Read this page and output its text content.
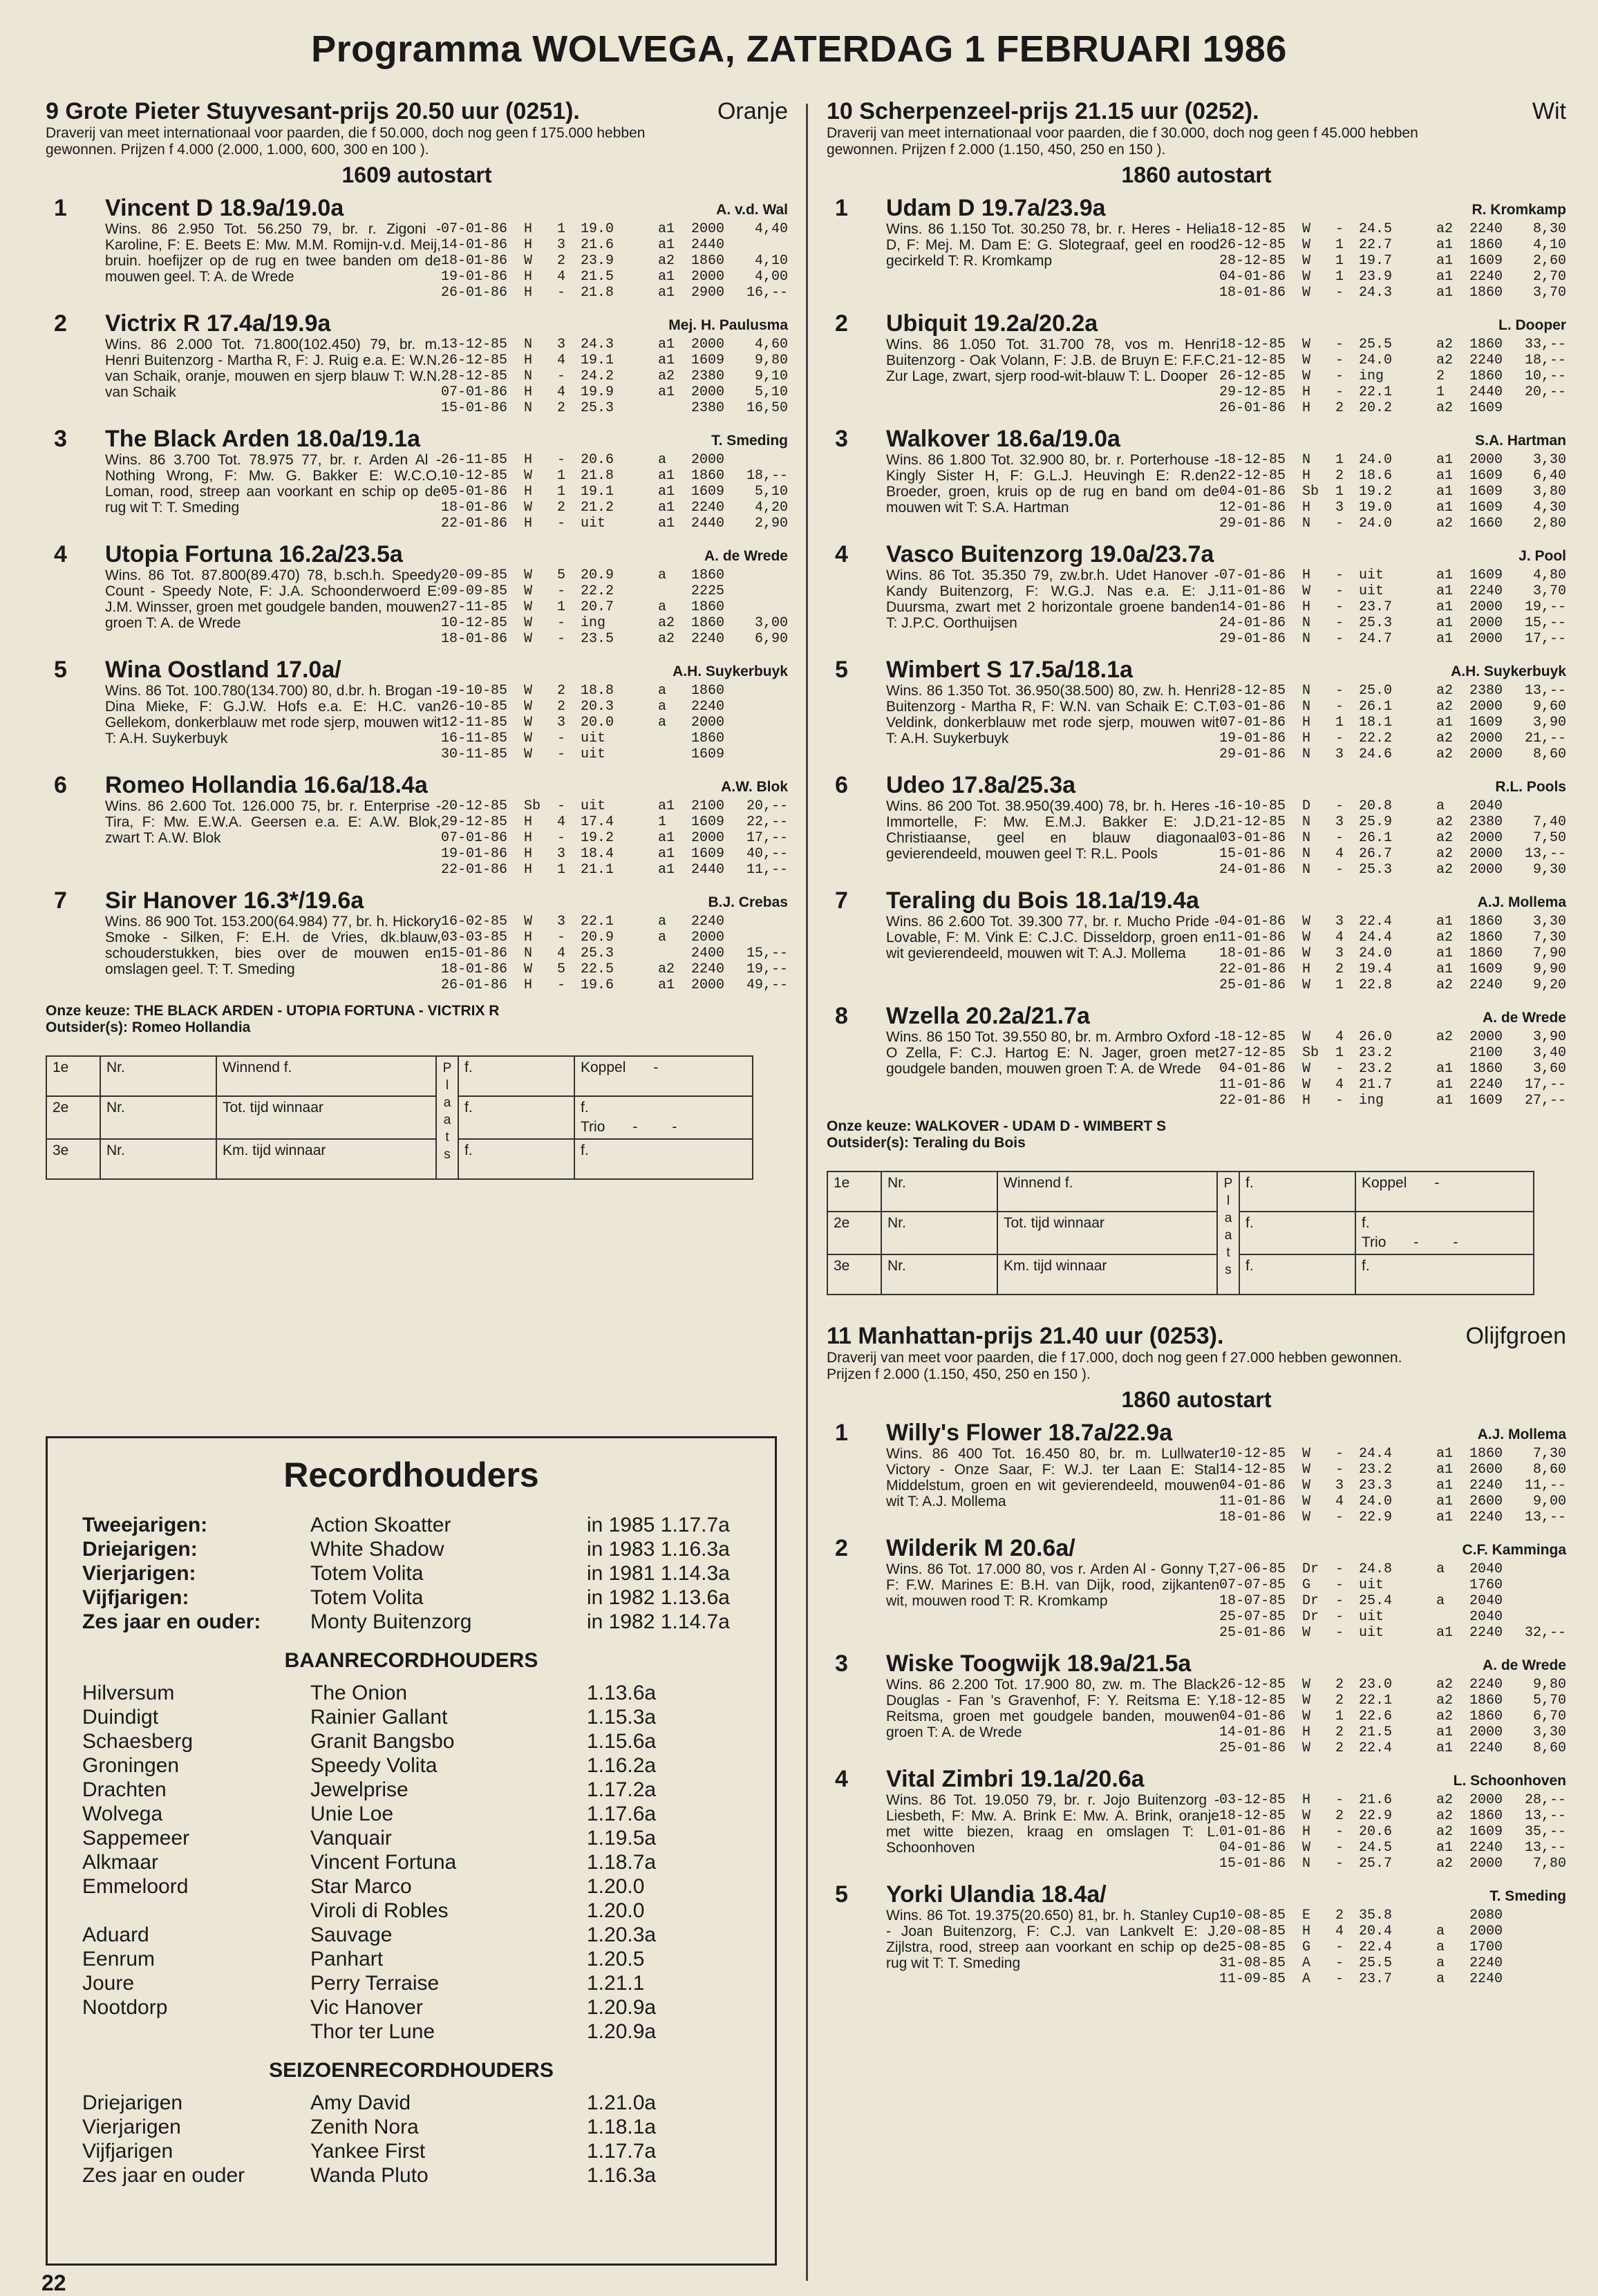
Programma WOLVEGA, ZATERDAG 1 FEBRUARI 1986
9 Grote Pieter Stuyvesant-prijs 20.50 uur (0251).	Oranje
Draverij van meet internationaal voor paarden, die f 50.000, doch nog geen f 175.000 hebben gewonnen. Prijzen f 4.000 (2.000, 1.000, 600, 300 en 100 ).
1609 autostart
1 Vincent D 18.9a/19.0a	A. v.d. Wal
Wins. 86 2.950 Tot. 56.250 79, br. r. Zigoni - Karoline, F: E. Beets E: Mw. M.M. Romijn-v.d. Meij, bruin. hoefijzer op de rug en twee banden om de mouwen geel. T: A. de Wrede
07-01-86	H	1	19.0	a1	2000	4,40
14-01-86	H	3	21.6	a1	2440
18-01-86	W	2	23.9	a2	1860	4,10
19-01-86	H	4	21.5	a1	2000	4,00
26-01-86	H	-	21.8	a1	2900	16,--
2 Victrix R 17.4a/19.9a	Mej. H. Paulusma
Wins. 86 2.000 Tot. 71.800(102.450) 79, br. m. Henri Buitenzorg - Martha R, F: J. Ruig e.a. E: W.N. van Schaik, oranje, mouwen en sjerp blauw T: W.N. van Schaik
13-12-85	N	3	24.3	a1	2000	4,60
26-12-85	H	4	19.1	a1	1609	9,80
28-12-85	N	-	24.2	a2	2380	9,10
07-01-86	H	4	19.9	a1	2000	5,10
15-01-86	N	2	25.3	2380	16,50
3 The Black Arden 18.0a/19.1a	T. Smeding
Wins. 86 3.700 Tot. 78.975 77, br. r. Arden Al - Nothing Wrong, F: Mw. G. Bakker E: W.C.O. Loman, rood, streep aan voorkant en schip op de rug wit T: T. Smeding
26-11-85	H	-	20.6	a	2000
10-12-85	W	1	21.8	a1	1860	18,--
05-01-86	H	1	19.1	a1	1609	5,10
18-01-86	W	2	21.2	a1	2240	4,20
22-01-86	H	-	uit	a1	2440	2,90
4 Utopia Fortuna 16.2a/23.5a	A. de Wrede
Wins. 86 Tot. 87.800(89.470) 78, b.sch.h. Speedy Count - Speedy Note, F: J.A. Schoonderwoerd E: J.M. Winsser, groen met goudgele banden, mouwen groen T: A. de Wrede
20-09-85	W	5	20.9	a	1860
09-09-85	W	-	22.2	2225
27-11-85	W	1	20.7	a	1860
10-12-85	W	-	ing	a2	1860	3,00
18-01-86	W	-	23.5	a2	2240	6,90
5 Wina Oostland 17.0a/	A.H. Suykerbuyk
Wins. 86 Tot. 100.780(134.700) 80, d.br. h. Brogan - Dina Mieke, F: G.J.W. Hofs e.a. E: H.C. van Gellekom, donkerblauw met rode sjerp, mouwen wit T: A.H. Suykerbuyk
19-10-85	W	2	18.8	a	1860
26-10-85	W	2	20.3	a	2240
12-11-85	W	3	20.0	a	2000
16-11-85	W	-	uit	1860
30-11-85	W	-	uit	1609
6 Romeo Hollandia 16.6a/18.4a	A.W. Blok
Wins. 86 2.600 Tot. 126.000 75, br. r. Enterprise - Tira, F: Mw. E.W.A. Geersen e.a. E: A.W. Blok, zwart T: A.W. Blok
20-12-85	Sb	-	uit	a1	2100	20,--
29-12-85	H	4	17.4	1	1609	22,--
07-01-86	H	-	19.2	a1	2000	17,--
19-01-86	H	3	18.4	a1	1609	40,--
22-01-86	H	1	21.1	a1	2440	11,--
7 Sir Hanover 16.3*/19.6a	B.J. Crebas
Wins. 86 900 Tot. 153.200(64.984) 77, br. h. Hickory Smoke - Silken, F: E.H. de Vries, dk.blauw, schouderstukken, bies over de mouwen en omslagen geel. T: T. Smeding
16-02-85	W	3	22.1	a	2240
03-03-85	H	-	20.9	a	2000
15-01-86	N	4	25.3	2400	15,--
18-01-86	W	5	22.5	a2	2240	19,--
26-01-86	H	-	19.6	a1	2000	49,--
Onze keuze: THE BLACK ARDEN - UTOPIA FORTUNA - VICTRIX R
Outsider(s): Romeo Hollandia
1e	Nr.	Winnend f.	P l a a t s	f.	Koppel -
2e	Nr.	Tot. tijd winnaar		f.	f.
Trio - -

3e	Nr.	Km. tijd winnaar		f.	f.
10 Scherpenzeel-prijs 21.15 uur (0252).	Wit
Draverij van meet internationaal voor paarden, die f 30.000, doch nog geen f 45.000 hebben gewonnen. Prijzen f 2.000 (1.150, 450, 250 en 150 ).
1860 autostart
1 Udam D 19.7a/23.9a	R. Kromkamp
Wins. 86 1.150 Tot. 30.250 78, br. r. Heres - Helia D, F: Mej. M. Dam E: G. Slotegraaf, geel en rood gecirkeld T: R. Kromkamp
18-12-85	W	-	24.5	a2	2240	8,30
26-12-85	W	1	22.7	a1	1860	4,10
28-12-85	W	1	19.7	a1	1609	2,60
04-01-86	W	1	23.9	a1	2240	2,70
18-01-86	W	-	24.3	a1	1860	3,70
2 Ubiquit 19.2a/20.2a	L. Dooper
Wins. 86 1.050 Tot. 31.700 78, vos m. Henri Buitenzorg - Oak Volann, F: J.B. de Bruyn E: F.F.C. Zur Lage, zwart, sjerp rood-wit-blauw T: L. Dooper
18-12-85	W	-	25.5	a2	1860	33,--
21-12-85	W	-	24.0	a2	2240	18,--
26-12-85	W	-	ing	2	1860	10,--
29-12-85	H	-	22.1	1	2440	20,--
26-01-86	H	2	20.2	a2	1609
3 Walkover 18.6a/19.0a	S.A. Hartman
Wins. 86 1.800 Tot. 32.900 80, br. r. Porterhouse - Kingly Sister H, F: G.L.J. Heuvingh E: R.den Broeder, groen, kruis op de rug en band om de mouwen wit T: S.A. Hartman
18-12-85	N	1	24.0	a1	2000	3,30
22-12-85	H	2	18.6	a1	1609	6,40
04-01-86	Sb	1	19.2	a1	1609	3,80
12-01-86	H	3	19.0	a1	1609	4,30
29-01-86	N	-	24.0	a2	1660	2,80
4 Vasco Buitenzorg 19.0a/23.7a	J. Pool
Wins. 86 Tot. 35.350 79, zw.br.h. Udet Hanover - Kandy Buitenzorg, F: W.G.J. Nas e.a. E: J. Duursma, zwart met 2 horizontale groene banden T: J.P.C. Oorthuijsen
07-01-86	H	-	uit	a1	1609	4,80
11-01-86	W	-	uit	a1	2240	3,70
14-01-86	H	-	23.7	a1	2000	19,--
24-01-86	N	-	25.3	a1	2000	15,--
29-01-86	N	-	24.7	a1	2000	17,--
5 Wimbert S 17.5a/18.1a	A.H. Suykerbuyk
Wins. 86 1.350 Tot. 36.950(38.500) 80, zw. h. Henri Buitenzorg - Martha R, F: W.N. van Schaik E: C.T. Veldink, donkerblauw met rode sjerp, mouwen wit T: A.H. Suykerbuyk
28-12-85	N	-	25.0	a2	2380	13,--
03-01-86	N	-	26.1	a2	2000	9,60
07-01-86	H	1	18.1	a1	1609	3,90
19-01-86	H	-	22.2	a2	2000	21,--
29-01-86	N	3	24.6	a2	2000	8,60
6 Udeo 17.8a/25.3a	R.L. Pools
Wins. 86 200 Tot. 38.950(39.400) 78, br. h. Heres - Immortelle, F: Mw. E.M.J. Bakker E: J.D. Christiaanse, geel en blauw diagonaal gevierendeeld, mouwen geel T: R.L. Pools
16-10-85	D	-	20.8	a	2040
21-12-85	N	3	25.9	a2	2380	7,40
03-01-86	N	-	26.1	a2	2000	7,50
15-01-86	N	4	26.7	a2	2000	13,--
24-01-86	N	-	25.3	a2	2000	9,30
7 Teraling du Bois 18.1a/19.4a	A.J. Mollema
Wins. 86 2.600 Tot. 39.300 77, br. r. Mucho Pride - Lovable, F: M. Vink E: C.J.C. Disseldorp, groen en wit gevierendeeld, mouwen wit T: A.J. Mollema
04-01-86	W	3	22.4	a1	1860	3,30
11-01-86	W	4	24.4	a2	1860	7,30
18-01-86	W	3	24.0	a1	1860	7,90
22-01-86	H	2	19.4	a1	1609	9,90
25-01-86	W	1	22.8	a2	2240	9,20
8 Wzella 20.2a/21.7a	A. de Wrede
Wins. 86 150 Tot. 39.550 80, br. m. Armbro Oxford - O Zella, F: C.J. Hartog E: N. Jager, groen met goudgele banden, mouwen groen T: A. de Wrede
18-12-85	W	4	26.0	a2	2000	3,90
27-12-85	Sb	1	23.2	2100	3,40
04-01-86	W	-	23.2	a1	1860	3,60
11-01-86	W	4	21.7	a1	2240	17,--
22-01-86	H	-	ing	a1	1609	27,--
Onze keuze: WALKOVER - UDAM D - WIMBERT S
Outsider(s): Teraling du Bois
1e	Nr.	Winnend f.	P l a a t s	f.	Koppel -
2e	Nr.	Tot. tijd winnaar		f.	f.
Trio - -

3e	Nr.	Km. tijd winnaar		f.	f.
11 Manhattan-prijs 21.40 uur (0253).	Olijfgroen
Draverij van meet voor paarden, die f 17.000, doch nog geen f 27.000 hebben gewonnen. Prijzen f 2.000 (1.150, 450, 250 en 150 ).
1860 autostart
1 Willy's Flower 18.7a/22.9a	A.J. Mollema
Wins. 86 400 Tot. 16.450 80, br. m. Lullwater Victory - Onze Saar, F: W.J. ter Laan E: Stal Middelstum, groen en wit gevierendeeld, mouwen wit T: A.J. Mollema
10-12-85	W	-	24.4	a1	1860	7,30
14-12-85	W	-	23.2	a1	2600	8,60
04-01-86	W	3	23.3	a1	2240	11,--
11-01-86	W	4	24.0	a1	2600	9,00
18-01-86	W	-	22.9	a1	2240	13,--
2 Wilderik M 20.6a/	C.F. Kamminga
Wins. 86 Tot. 17.000 80, vos r. Arden Al - Gonny T, F: F.W. Marines E: B.H. van Dijk, rood, zijkanten wit, mouwen rood T: R. Kromkamp
27-06-85	Dr	-	24.8	a	2040
07-07-85	G	-	uit	1760
18-07-85	Dr	-	25.4	a	2040
25-07-85	Dr	-	uit	2040
25-01-86	W	-	uit	a1	2240	32,--
3 Wiske Toogwijk 18.9a/21.5a	A. de Wrede
Wins. 86 2.200 Tot. 17.900 80, zw. m. The Black Douglas - Fan 's Gravenhof, F: Y. Reitsma E: Y. Reitsma, groen met goudgele banden, mouwen groen T: A. de Wrede
26-12-85	W	2	23.0	a2	2240	9,80
18-12-85	W	2	22.1	a2	1860	5,70
04-01-86	W	1	22.6	a2	1860	6,70
14-01-86	H	2	21.5	a1	2000	3,30
25-01-86	W	2	22.4	a1	2240	8,60
4 Vital Zimbri 19.1a/20.6a	L. Schoonhoven
Wins. 86 Tot. 19.050 79, br. r. Jojo Buitenzorg - Liesbeth, F: Mw. A. Brink E: Mw. A. Brink, oranje met witte biezen, kraag en omslagen T: L. Schoonhoven
03-12-85	H	-	21.6	a2	2000	28,--
18-12-85	W	2	22.9	a2	1860	13,--
01-01-86	H	-	20.6	a2	1609	35,--
04-01-86	W	-	24.5	a1	2240	13,--
15-01-86	N	-	25.7	a2	2000	7,80
5 Yorki Ulandia 18.4a/	T. Smeding
Wins. 86 Tot. 19.375(20.650) 81, br. h. Stanley Cup - Joan Buitenzorg, F: C.J. van Lankvelt E: J. Zijlstra, rood, streep aan voorkant en schip op de rug wit T: T. Smeding
10-08-85	E	2	35.8	2080
20-08-85	H	4	20.4	a	2000
25-08-85	G	-	22.4	a	1700
31-08-85	A	-	25.5	a	2240
11-09-85	A	-	23.7	a	2240
Recordhouders
Tweejarigen:	Action Skoatter	in 1985 1.17.7a
Driejarigen:	White Shadow	in 1983 1.16.3a
Vierjarigen:	Totem Volita	in 1981 1.14.3a
Vijfjarigen:	Totem Volita	in 1982 1.13.6a
Zes jaar en ouder:	Monty Buitenzorg	in 1982 1.14.7a
BAANRECORDHOUDERS
Hilversum	The Onion	1.13.6a
Duindigt	Rainier Gallant	1.15.3a
Schaesberg	Granit Bangsbo	1.15.6a
Groningen	Speedy Volita	1.16.2a
Drachten	Jewelprise	1.17.2a
Wolvega	Unie Loe	1.17.6a
Sappemeer	Vanquair	1.19.5a
Alkmaar	Vincent Fortuna	1.18.7a
Emmeloord	Star Marco	1.20.0
Viroli di Robles	1.20.0
Aduard	Sauvage	1.20.3a
Eenrum	Panhart	1.20.5
Joure	Perry Terraise	1.21.1
Nootdorp	Vic Hanover	1.20.9a
Thor ter Lune	1.20.9a
SEIZOENRECORDHOUDERS
Driejarigen	Amy David	1.21.0a
Vierjarigen	Zenith Nora	1.18.1a
Vijfjarigen	Yankee First	1.17.7a
Zes jaar en ouder	Wanda Pluto	1.16.3a
22
